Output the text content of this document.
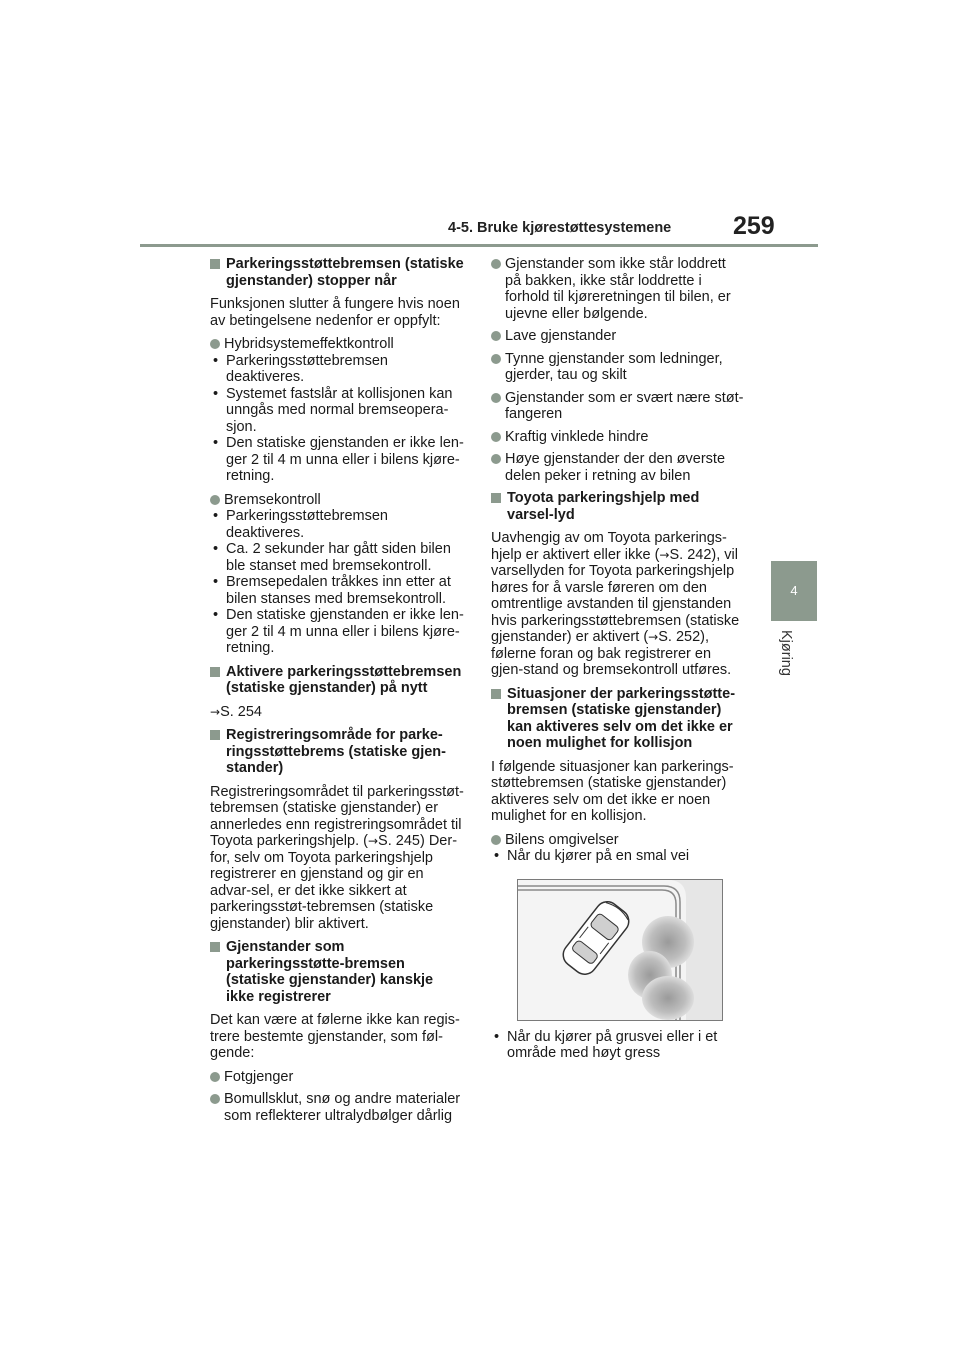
4-5. Bruke kjørestøttesystemene 259
4
Kjøring
Parkeringsstøttebremsen (statiske gjenstander) stopper når

Funksjonen slutter å fungere hvis noen av betingelsene nedenfor er oppfylt:

Hybridsystemeffektkontroll
• Parkeringsstøttebremsen deaktiveres.
• Systemet fastslår at kollisjonen kan unngås med normal bremseopera-sjon.
• Den statiske gjenstanden er ikke len-ger 2 til 4 m unna eller i bilens kjøre-retning.
Bremsekontroll
• Parkeringsstøttebremsen deaktiveres.
• Ca. 2 sekunder har gått siden bilen ble stanset med bremsekontroll.
• Bremsepedalen tråkkes inn etter at bilen stanses med bremsekontroll.
• Den statiske gjenstanden er ikke len-ger 2 til 4 m unna eller i bilens kjøre-retning.
Aktivere parkeringsstøttebremsen (statiske gjenstander) på nytt

→S. 254

Registreringsområde for parke-ringsstøttebrems (statiske gjen-stander)

Registreringsområdet til parkeringsstøt-tebremsen (statiske gjenstander) er annerledes enn registreringsområdet til Toyota parkeringshjelp. (→S. 245) Der-for, selv om Toyota parkeringshjelp registrerer en gjenstand og gir en advar-sel, er det ikke sikkert at parkeringsstøt-tebremsen (statiske gjenstander) blir aktivert.

Gjenstander som parkeringsstøtte-bremsen (statiske gjenstander) kanskje ikke registrerer

Det kan være at følerne ikke kan regis-trere bestemte gjenstander, som føl-gende:

Fotgjenger
Bomullsklut, snø og andre materialer som reflekterer ultralydbølger dårlig
Gjenstander som ikke står loddrett på bakken, ikke står loddrette i forhold til kjøreretningen til bilen, er ujevne eller bølgende.
Lave gjenstander
Tynne gjenstander som ledninger, gjerder, tau og skilt
Gjenstander som er svært nære støt-fangeren
Kraftig vinklede hindre
Høye gjenstander der den øverste delen peker i retning av bilen
Toyota parkeringshjelp med varsel-lyd

Uavhengig av om Toyota parkerings-hjelp er aktivert eller ikke (→S. 242), vil varsellyden for Toyota parkeringshjelp høres for å varsle føreren om den omtrentlige avstanden til gjenstanden hvis parkeringsstøttebremsen (statiske gjenstander) er aktivert (→S. 252), følerne foran og bak registrerer en gjen-stand og bremsekontroll utføres.

Situasjoner der parkeringsstøtte-bremsen (statiske gjenstander) kan aktiveres selv om det ikke er noen mulighet for kollisjon

I følgende situasjoner kan parkerings-støttebremsen (statiske gjenstander) aktiveres selv om det ikke er noen mulighet for en kollisjon.

Bilens omgivelser
• Når du kjører på en smal vei
• Når du kjører på grusvei eller i et område med høyt gress
